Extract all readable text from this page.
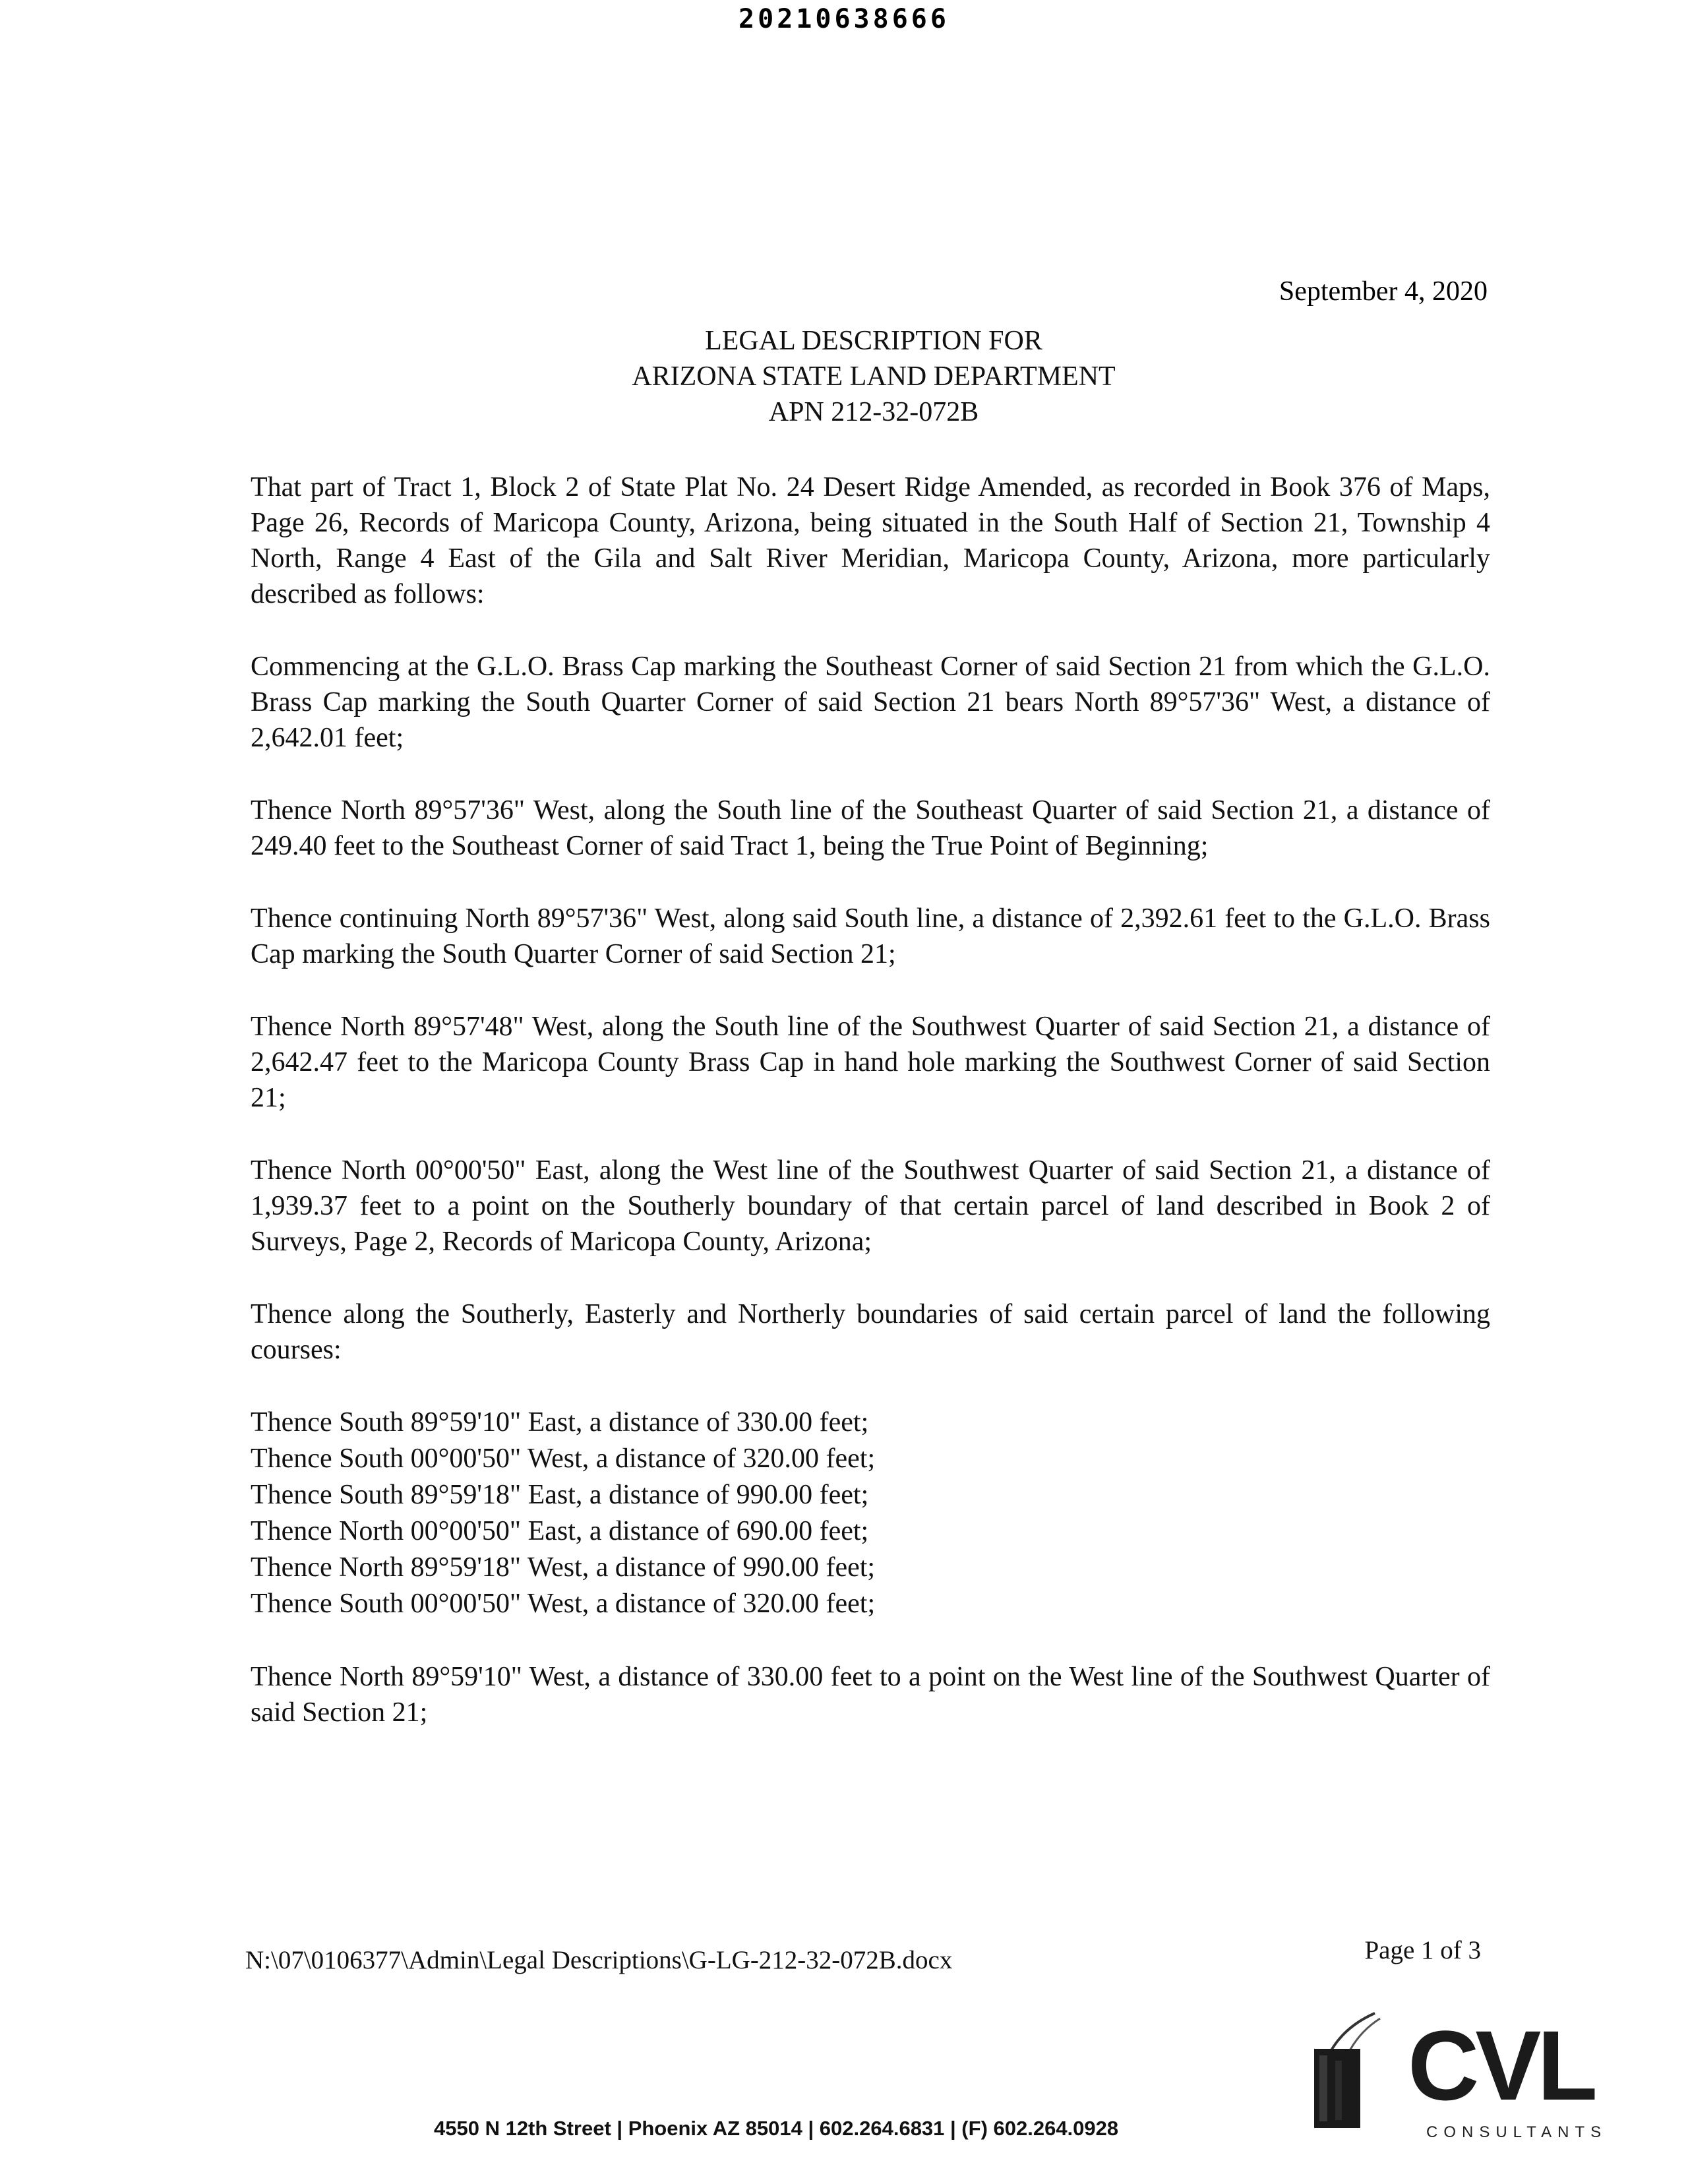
20210638666
September 4, 2020
LEGAL DESCRIPTION FOR
ARIZONA STATE LAND DEPARTMENT
APN 212-32-072B

That part of Tract 1, Block 2 of State Plat No. 24 Desert Ridge Amended, as recorded in Book 376 of Maps, Page 26, Records of Maricopa County, Arizona, being situated in the South Half of Section 21, Township 4 North, Range 4 East of the Gila and Salt River Meridian, Maricopa County, Arizona, more particularly described as follows:

Commencing at the G.L.O. Brass Cap marking the Southeast Corner of said Section 21 from which the G.L.O. Brass Cap marking the South Quarter Corner of said Section 21 bears North 89°57'36" West, a distance of 2,642.01 feet;

Thence North 89°57'36" West, along the South line of the Southeast Quarter of said Section 21, a distance of 249.40 feet to the Southeast Corner of said Tract 1, being the True Point of Beginning;

Thence continuing North 89°57'36" West, along said South line, a distance of 2,392.61 feet to the G.L.O. Brass Cap marking the South Quarter Corner of said Section 21;

Thence North 89°57'48" West, along the South line of the Southwest Quarter of said Section 21, a distance of 2,642.47 feet to the Maricopa County Brass Cap in hand hole marking the Southwest Corner of said Section 21;

Thence North 00°00'50" East, along the West line of the Southwest Quarter of said Section 21, a distance of 1,939.37 feet to a point on the Southerly boundary of that certain parcel of land described in Book 2 of Surveys, Page 2, Records of Maricopa County, Arizona;

Thence along the Southerly, Easterly and Northerly boundaries of said certain parcel of land the following courses:

Thence South 89°59'10" East, a distance of 330.00 feet;
Thence South 00°00'50" West, a distance of 320.00 feet;
Thence South 89°59'18" East, a distance of 990.00 feet;
Thence North 00°00'50" East, a distance of 690.00 feet;
Thence North 89°59'18" West, a distance of 990.00 feet;
Thence South 00°00'50" West, a distance of 320.00 feet;

Thence North 89°59'10" West, a distance of 330.00 feet to a point on the West line of the Southwest Quarter of said Section 21;

N:\07\0106377\Admin\Legal Descriptions\G-LG-212-32-072B.docx	Page 1 of 3
CVL
CONSULTANTS
4550 N 12th Street | Phoenix AZ 85014 | 602.264.6831 | (F) 602.264.0928
